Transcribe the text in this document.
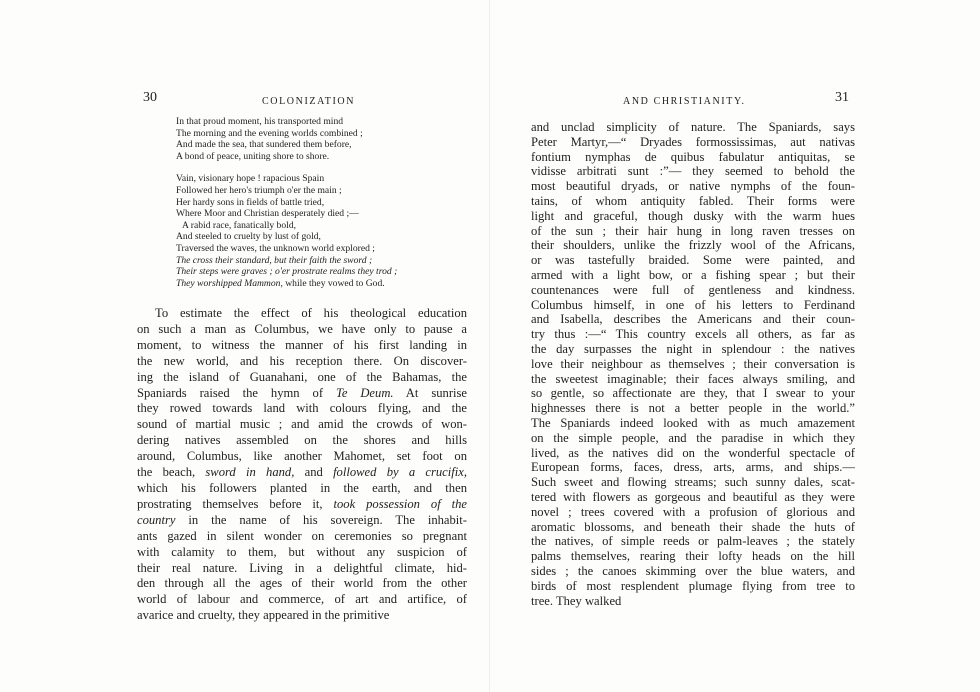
30	COLONIZATION
In that proud moment, his transported mind
The morning and the evening worlds combined ;
And made the sea, that sundered them before,
A bond of peace, uniting shore to shore.
Vain, visionary hope ! rapacious Spain
Followed her hero's triumph o'er the main ;
Her hardy sons in fields of battle tried,
Where Moor and Christian desperately died ;—
A rabid race, fanatically bold,
And steeled to cruelty by lust of gold,
Traversed the waves, the unknown world explored ;
The cross their standard, but their faith the sword ;
Their steps were graves ; o'er prostrate realms they trod ;
They worshipped Mammon, while they vowed to God.
To estimate the effect of his theological education
on such a man as Columbus, we have only to pause a
moment, to witness the manner of his first landing in
the new world, and his reception there. On discover-
ing the island of Guanahani, one of the Bahamas, the
Spaniards raised the hymn of Te Deum. At sunrise
they rowed towards land with colours flying, and the
sound of martial music ; and amid the crowds of won-
dering natives assembled on the shores and hills
around, Columbus, like another Mahomet, set foot on
the beach, sword in hand, and followed by a crucifix,
which his followers planted in the earth, and then
prostrating themselves before it, took possession of the
country in the name of his sovereign. The inhabit-
ants gazed in silent wonder on ceremonies so pregnant
with calamity to them, but without any suspicion of
their real nature. Living in a delightful climate, hid-
den through all the ages of their world from the other
world of labour and commerce, of art and artifice, of
avarice and cruelty, they appeared in the primitive
31
AND CHRISTIANITY.
and unclad simplicity of nature. The Spaniards, says
Peter Martyr,—“ Dryades formossissimas, aut nativas
fontium nymphas de quibus fabulatur antiquitas, se
vidisse arbitrati sunt :”— they seemed to behold the
most beautiful dryads, or native nymphs of the foun-
tains, of whom antiquity fabled. Their forms were
light and graceful, though dusky with the warm hues
of the sun ; their hair hung in long raven tresses on
their shoulders, unlike the frizzly wool of the Africans,
or was tastefully braided. Some were painted, and
armed with a light bow, or a fishing spear ; but their
countenances were full of gentleness and kindness.
Columbus himself, in one of his letters to Ferdinand
and Isabella, describes the Americans and their coun-
try thus :—“ This country excels all others, as far as
the day surpasses the night in splendour : the natives
love their neighbour as themselves ; their conversation is
the sweetest imaginable; their faces always smiling, and
so gentle, so affectionate are they, that I swear to your
highnesses there is not a better people in the world.”
The Spaniards indeed looked with as much amazement
on the simple people, and the paradise in which they
lived, as the natives did on the wonderful spectacle of
European forms, faces, dress, arts, arms, and ships.—
Such sweet and flowing streams; such sunny dales, scat-
tered with flowers as gorgeous and beautiful as they were
novel ; trees covered with a profusion of glorious and
aromatic blossoms, and beneath their shade the huts of
the natives, of simple reeds or palm-leaves ; the stately
palms themselves, rearing their lofty heads on the hill
sides ; the canoes skimming over the blue waters, and
birds of most resplendent plumage flying from tree to
tree. They walked
